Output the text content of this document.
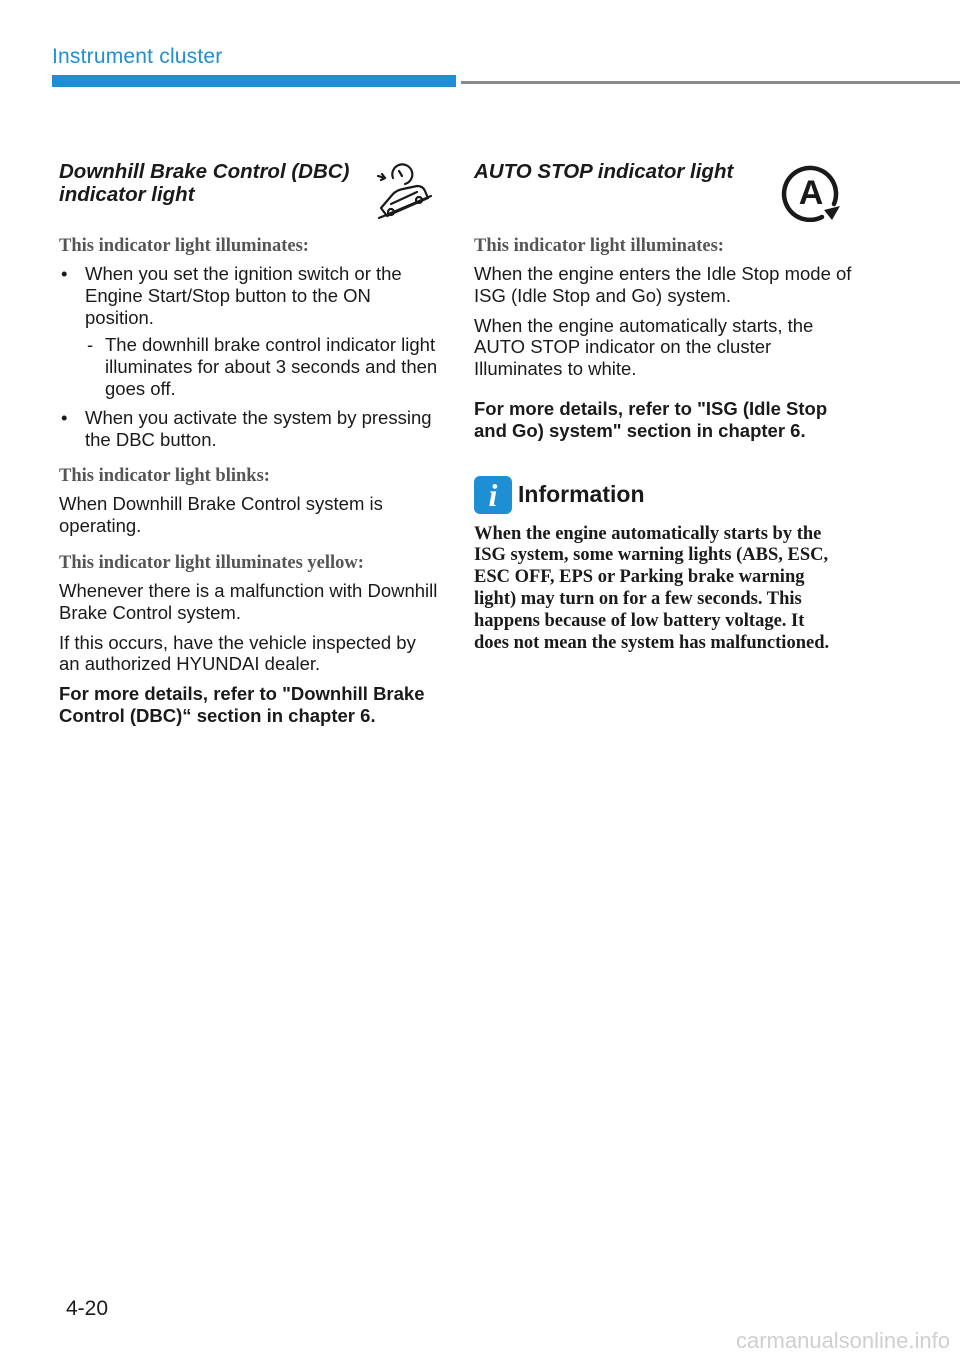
Instrument cluster
Downhill Brake Control (DBC)
indicator light
This indicator light illuminates:
• When you set the ignition switch or the Engine Start/Stop button to the ON position.
- The downhill brake control indicator light illuminates for about 3 seconds and then goes off.
• When you activate the system by pressing the DBC button.
This indicator light blinks:

When Downhill Brake Control system is operating.

This indicator light illuminates yellow:

Whenever there is a malfunction with Downhill Brake Control system.

If this occurs, have the vehicle inspected by an authorized HYUNDAI dealer.

For more details, refer to "Downhill Brake Control (DBC)“ section in chapter 6.

AUTO STOP indicator light
A
This indicator light illuminates:

When the engine enters the Idle Stop mode of ISG (Idle Stop and Go) system.

When the engine automatically starts, the AUTO STOP indicator on the cluster Illuminates to white.

For more details, refer to "ISG (Idle Stop and Go) system" section in chapter 6.

i Information

When the engine automatically starts by the ISG system, some warning lights (ABS, ESC, ESC OFF, EPS or Parking brake warning light) may turn on for a few seconds. This happens because of low battery voltage. It does not mean the system has malfunctioned.

4-20
carmanualsonline.info
